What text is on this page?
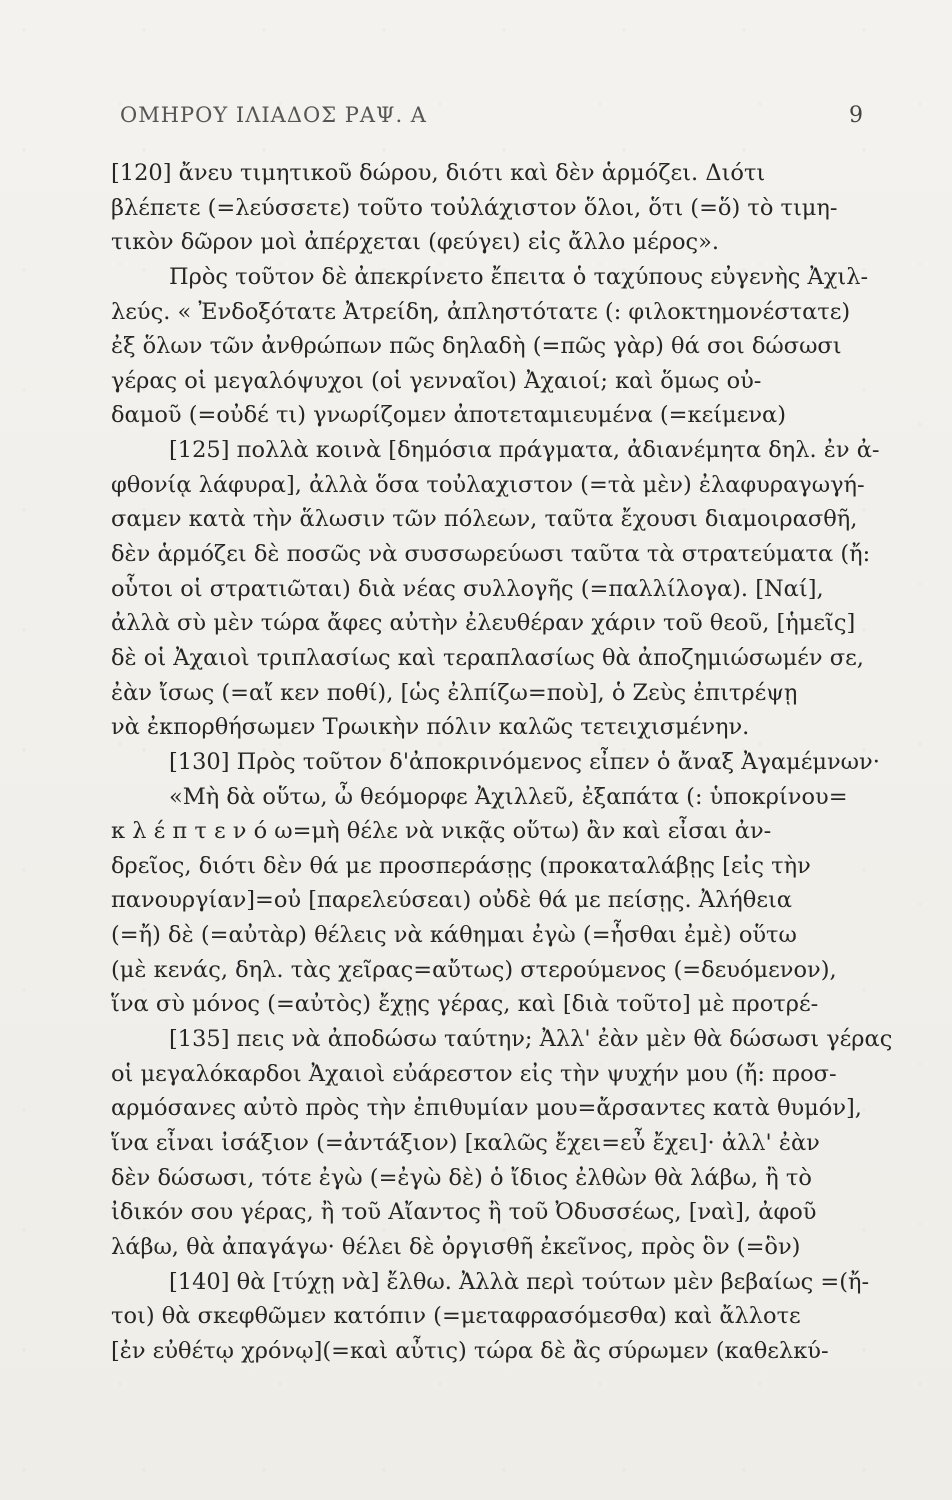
ΟΜΗΡΟΥ ΙΛΙΑΔΟΣ ΡΑΨ. Α	9
[120] ἄνευ τιμητικοῦ δώρου, διότι καὶ δὲν ἁρμόζει. Διότι
βλέπετε (=λεύσσετε) τοῦτο τοὐλάχιστον ὅλοι, ὅτι (=ὅ) τὸ τιμη-
τικὸν δῶρον μοὶ ἀπέρχεται (φεύγει) εἰς ἄλλο μέρος».
Πρὸς τοῦτον δὲ ἀπεκρίνετο ἔπειτα ὁ ταχύπους εὐγενὴς Ἀχιλ-
λεύς. « Ἐνδοξότατε Ἀτρείδη, ἀπληστότατε (: φιλοκτημονέστατε)
ἐξ ὅλων τῶν ἀνθρώπων πῶς δηλαδὴ (=πῶς γὰρ) θά σοι δώσωσι
γέρας οἱ μεγαλόψυχοι (οἱ γενναῖοι) Ἀχαιοί; καὶ ὅμως οὐ-
δαμοῦ (=οὐδέ τι) γνωρίζομεν ἀποτεταμιευμένα (=κείμενα)
[125] πολλὰ κοινὰ [δημόσια πράγματα, ἀδιανέμητα δηλ. ἐν ἀ-
φθονίᾳ λάφυρα], ἀλλὰ ὅσα τοὐλαχιστον (=τὰ μὲν) ἐλαφυραγωγή-
σαμεν κατὰ τὴν ἅλωσιν τῶν πόλεων, ταῦτα ἔχουσι διαμοιρασθῆ,
δὲν ἁρμόζει δὲ ποσῶς νὰ συσσωρεύωσι ταῦτα τὰ στρατεύματα (ἤ:
οὗτοι οἱ στρατιῶται) διὰ νέας συλλογῆς (=παλλίλογα). [Ναί],
ἀλλὰ σὺ μὲν τώρα ἄφες αὐτὴν ἐλευθέραν χάριν τοῦ θεοῦ, [ἡμεῖς]
δὲ οἱ Ἀχαιοὶ τριπλασίως καὶ τεραπλασίως θὰ ἀποζημιώσωμέν σε,
ἐὰν ἴσως (=αἴ κεν ποθί), [ὡς ἐλπίζω=ποὺ], ὁ Ζεὺς ἐπιτρέψῃ
νὰ ἐκπορθήσωμεν Τρωικὴν πόλιν καλῶς τετειχισμένην.
[130] Πρὸς τοῦτον δ'ἀποκρινόμενος εἶπεν ὁ ἄναξ Ἀγαμέμνων·
«Μὴ δὰ οὕτω, ὦ θεόμορφε Ἀχιλλεῦ, ἐξαπάτα (: ὑποκρίνου=
κ λ έ π τ ε ν ό ω=μὴ θέλε νὰ νικᾷς οὕτω) ἂν καὶ εἶσαι ἀν-
δρεῖος, διότι δὲν θά με προσπεράσῃς (προκαταλάβῃς [εἰς τὴν
πανουργίαν]=οὐ [παρελεύσεαι) οὐδὲ θά με πείσῃς. Ἀλήθεια
(=ἤ) δὲ (=αὐτὰρ) θέλεις νὰ κάθημαι ἐγὼ (=ἧσθαι ἐμὲ) οὕτω
(μὲ κενάς, δηλ. τὰς χεῖρας=αὔτως) στερούμενος (=δευόμενον),
ἵνα σὺ μόνος (=αὐτὸς) ἔχῃς γέρας, καὶ [διὰ τοῦτο] μὲ προτρέ-
[135] πεις νὰ ἀποδώσω ταύτην; Ἀλλ' ἐὰν μὲν θὰ δώσωσι γέρας
οἱ μεγαλόκαρδοι Ἀχαιοὶ εὐάρεστον εἰς τὴν ψυχήν μου (ἤ: προσ-
αρμόσανες αὐτὸ πρὸς τὴν ἐπιθυμίαν μου=ἄρσαντες κατὰ θυμόν],
ἵνα εἶναι ἰσάξιον (=ἀντάξιον) [καλῶς ἔχει=εὖ ἔχει]· ἀλλ' ἐὰν
δὲν δώσωσι, τότε ἐγὼ (=ἐγὼ δὲ) ὁ ἴδιος ἐλθὼν θὰ λάβω, ἢ τὸ
ἰδικόν σου γέρας, ἢ τοῦ Αἴαντος ἢ τοῦ Ὀδυσσέως, [ναὶ], ἀφοῦ
λάβω, θὰ ἀπαγάγω· θέλει δὲ ὀργισθῆ ἐκεῖνος, πρὸς ὃν (=ὃν)
[140] θὰ [τύχῃ νὰ] ἔλθω. Ἀλλὰ περὶ τούτων μὲν βεβαίως =(ἤ-
τοι) θὰ σκεφθῶμεν κατόπιν (=μεταφρασόμεσθα) καὶ ἄλλοτε
[ἐν εὐθέτῳ χρόνῳ](=καὶ αὖτις) τώρα δὲ ἂς σύρωμεν (καθελκύ-
